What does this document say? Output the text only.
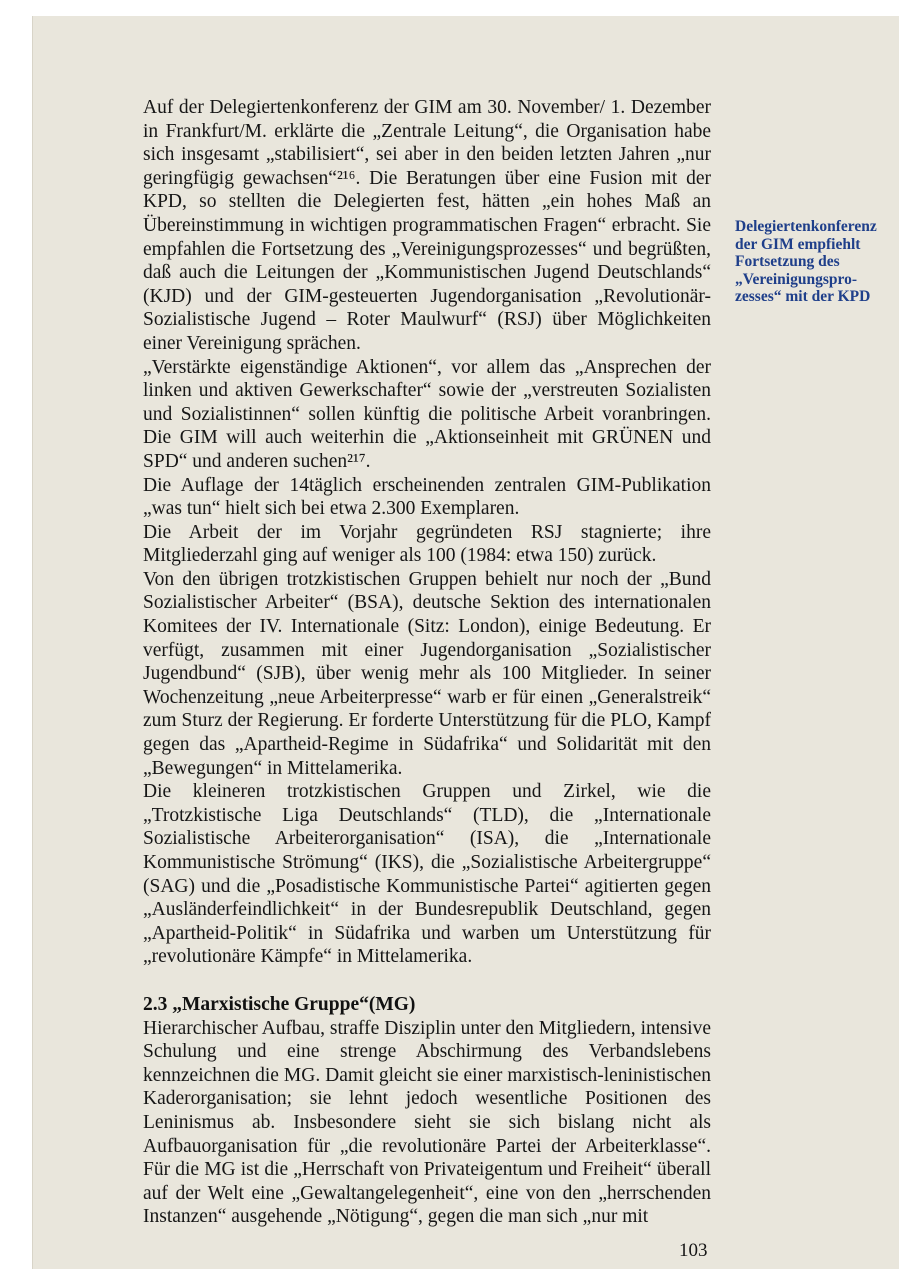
Auf der Delegiertenkonferenz der GIM am 30. November/ 1. Dezember in Frankfurt/M. erklärte die „Zentrale Leitung“, die Organisation habe sich insgesamt „stabilisiert“, sei aber in den beiden letzten Jahren „nur geringfügig gewachsen“²¹⁶. Die Beratungen über eine Fusion mit der KPD, so stellten die Delegierten fest, hätten „ein hohes Maß an Übereinstimmung in wichtigen programmatischen Fragen“ erbracht. Sie empfahlen die Fortsetzung des „Vereinigungsprozesses“ und begrüßten, daß auch die Leitungen der „Kommunistischen Jugend Deutschlands“ (KJD) und der GIM-gesteuerten Jugendorganisation „Revolutionär-Sozialistische Jugend – Roter Maulwurf“ (RSJ) über Möglichkeiten einer Vereinigung sprächen.

„Verstärkte eigenständige Aktionen“, vor allem das „Ansprechen der linken und aktiven Gewerkschafter“ sowie der „verstreuten Sozialisten und Sozialistinnen“ sollen künftig die politische Arbeit voranbringen. Die GIM will auch weiterhin die „Aktionseinheit mit GRÜNEN und SPD“ und anderen suchen²¹⁷.

Die Auflage der 14täglich erscheinenden zentralen GIM-Publikation „was tun“ hielt sich bei etwa 2.300 Exemplaren.

Die Arbeit der im Vorjahr gegründeten RSJ stagnierte; ihre Mitgliederzahl ging auf weniger als 100 (1984: etwa 150) zurück.

Von den übrigen trotzkistischen Gruppen behielt nur noch der „Bund Sozialistischer Arbeiter“ (BSA), deutsche Sektion des internationalen Komitees der IV. Internationale (Sitz: London), einige Bedeutung. Er verfügt, zusammen mit einer Jugendorganisation „Sozialistischer Jugendbund“ (SJB), über wenig mehr als 100 Mitglieder. In seiner Wochenzeitung „neue Arbeiterpresse“ warb er für einen „Generalstreik“ zum Sturz der Regierung. Er forderte Unterstützung für die PLO, Kampf gegen das „Apartheid-Regime in Südafrika“ und Solidarität mit den „Bewegungen“ in Mittelamerika.

Die kleineren trotzkistischen Gruppen und Zirkel, wie die „Trotzkistische Liga Deutschlands“ (TLD), die „Internationale Sozialistische Arbeiterorganisation“ (ISA), die „Internationale Kommunistische Strömung“ (IKS), die „Sozialistische Arbeitergruppe“ (SAG) und die „Posadistische Kommunistische Partei“ agitierten gegen „Ausländerfeindlichkeit“ in der Bundesrepublik Deutschland, gegen „Apartheid-Politik“ in Südafrika und warben um Unterstützung für „revolutionäre Kämpfe“ in Mittelamerika.

2.3 „Marxistische Gruppe“(MG)

Hierarchischer Aufbau, straffe Disziplin unter den Mitgliedern, intensive Schulung und eine strenge Abschirmung des Verbandslebens kennzeichnen die MG. Damit gleicht sie einer marxistisch-leninistischen Kaderorganisation; sie lehnt jedoch wesentliche Positionen des Leninismus ab. Insbesondere sieht sie sich bislang nicht als Aufbauorganisation für „die revolutionäre Partei der Arbeiterklasse“. Für die MG ist die „Herrschaft von Privateigentum und Freiheit“ überall auf der Welt eine „Gewaltangelegenheit“, eine von den „herrschenden Instanzen“ ausgehende „Nötigung“, gegen die man sich „nur mit

Delegiertenkonferenz
der GIM empfiehlt
Fortsetzung des
„Vereinigungspro-
zesses“ mit der KPD
103
